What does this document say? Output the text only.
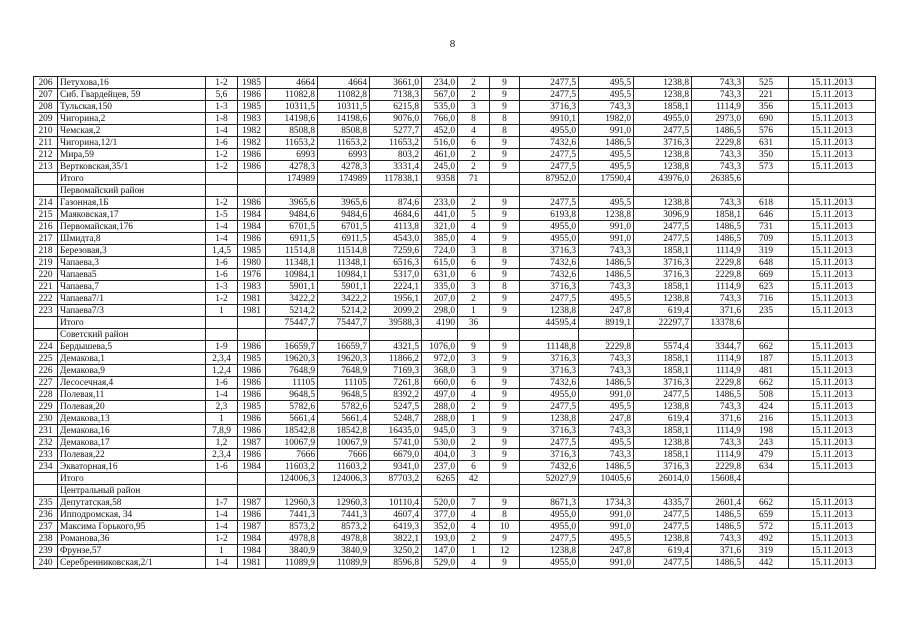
8
206	Петухова,16	1-2	1985	4664	4664	3661,0	234,0	2	9	2477,5	495,5	1238,8	743,3	525	15.11.2013
207	Сиб. Гвардейцев, 59	5,6	1986	11082,8	11082,8	7138,3	567,0	2	9	2477,5	495,5	1238,8	743,3	221	15.11.2013
208	Тульская,150	1-3	1985	10311,5	10311,5	6215,8	535,0	3	9	3716,3	743,3	1858,1	1114,9	356	15.11.2013
209	Чигорина,2	1-8	1983	14198,6	14198,6	9076,0	766,0	8	8	9910,1	1982,0	4955,0	2973,0	690	15.11.2013
210	Чемская,2	1-4	1982	8508,8	8508,8	5277,7	452,0	4	8	4955,0	991,0	2477,5	1486,5	576	15.11.2013
211	Чигорина,12/1	1-6	1982	11653,2	11653,2	11653,2	516,0	6	9	7432,6	1486,5	3716,3	2229,8	631	15.11.2013
212	Мира,59	1-2	1986	6993	6993	803,2	461,0	2	9	2477,5	495,5	1238,8	743,3	350	15.11.2013
213	Вертковская,35/1	1-2	1986	4278,3	4278,3	3331,4	245,0	2	9	2477,5	495,5	1238,8	743,3	573	15.11.2013
	Итого			174989	174989	117838,1	9358	71		87952,0	17590,4	43976,0	26385,6		
	Первомайский район														
214	Газонная,1Б	1-2	1986	3965,6	3965,6	874,6	233,0	2	9	2477,5	495,5	1238,8	743,3	618	15.11.2013
215	Маяковская,17	1-5	1984	9484,6	9484,6	4684,6	441,0	5	9	6193,8	1238,8	3096,9	1858,1	646	15.11.2013
216	Первомайская,176	1-4	1984	6701,5	6701,5	4113,8	321,0	4	9	4955,0	991,0	2477,5	1486,5	731	15.11.2013
217	Шмидта,8	1-4	1986	6911,5	6911,5	4543,0	385,0	4	9	4955,0	991,0	2477,5	1486,5	709	15.11.2013
218	Березовая,3	1,4,5	1985	11514,8	11514,8	7259,6	724,0	3	8	3716,3	743,3	1858,1	1114,9	319	15.11.2013
219	Чапаева,3	1-6	1980	11348,1	11348,1	6516,3	615,0	6	9	7432,6	1486,5	3716,3	2229,8	648	15.11.2013
220	Чапаева5	1-6	1976	10984,1	10984,1	5317,0	631,0	6	9	7432,6	1486,5	3716,3	2229,8	669	15.11.2013
221	Чапаева,7	1-3	1983	5901,1	5901,1	2224,1	335,0	3	8	3716,3	743,3	1858,1	1114,9	623	15.11.2013
222	Чапаева7/1	1-2	1981	3422,2	3422,2	1956,1	207,0	2	9	2477,5	495,5	1238,8	743,3	716	15.11.2013
223	Чапаева7/3	1	1981	5214,2	5214,2	2099,2	298,0	1	9	1238,8	247,8	619,4	371,6	235	15.11.2013
	Итого			75447,7	75447,7	39588,3	4190	36		44595,4	8919,1	22297,7	13378,6		
	Советский район														
224	Бердышева,5	1-9	1986	16659,7	16659,7	4321,5	1076,0	9	9	11148,8	2229,8	5574,4	3344,7	662	15.11.2013
225	Демакова,1	2,3,4	1985	19620,3	19620,3	11866,2	972,0	3	9	3716,3	743,3	1858,1	1114,9	187	15.11.2013
226	Демакова,9	1,2,4	1986	7648,9	7648,9	7169,3	368,0	3	9	3716,3	743,3	1858,1	1114,9	481	15.11.2013
227	Лесосечная,4	1-6	1986	11105	11105	7261,8	660,0	6	9	7432,6	1486,5	3716,3	2229,8	662	15.11.2013
228	Полевая,11	1-4	1986	9648,5	9648,5	8392,2	497,0	4	9	4955,0	991,0	2477,5	1486,5	508	15.11.2013
229	Полевая,20	2,3	1985	5782,6	5782,6	5247,5	288,0	2	9	2477,5	495,5	1238,8	743,3	424	15.11.2013
230	Демакова,13	1	1986	5661,4	5661,4	5248,7	288,0	1	9	1238,8	247,8	619,4	371,6	216	15.11.2013
231	Демакова,16	7,8,9	1986	18542,8	18542,8	16435,0	945,0	3	9	3716,3	743,3	1858,1	1114,9	198	15.11.2013
232	Демакова,17	1,2	1987	10067,9	10067,9	5741,0	530,0	2	9	2477,5	495,5	1238,8	743,3	243	15.11.2013
233	Полевая,22	2,3,4	1986	7666	7666	6679,0	404,0	3	9	3716,3	743,3	1858,1	1114,9	479	15.11.2013
234	Экваторная,16	1-6	1984	11603,2	11603,2	9341,0	237,0	6	9	7432,6	1486,5	3716,3	2229,8	634	15.11.2013
	Итого			124006,3	124006,3	87703,2	6265	42		52027,9	10405,6	26014,0	15608,4		
	Центральный район														
235	Депутатская,58	1-7	1987	12960,3	12960,3	10110,4	520,0	7	9	8671,3	1734,3	4335,7	2601,4	662	15.11.2013
236	Ипподромская, 34	1-4	1986	7441,3	7441,3	4607,4	377,0	4	8	4955,0	991,0	2477,5	1486,5	659	15.11.2013
237	Максима Горького,95	1-4	1987	8573,2	8573,2	6419,3	352,0	4	10	4955,0	991,0	2477,5	1486,5	572	15.11.2013
238	Романова,36	1-2	1984	4978,8	4978,8	3822,1	193,0	2	9	2477,5	495,5	1238,8	743,3	492	15.11.2013
239	Фрунзе,57	1	1984	3840,9	3840,9	3250,2	147,0	1	12	1238,8	247,8	619,4	371,6	319	15.11.2013
240	Серебренниковская,2/1	1-4	1981	11089,9	11089,9	8596,8	529,0	4	9	4955,0	991,0	2477,5	1486,5	442	15.11.2013
